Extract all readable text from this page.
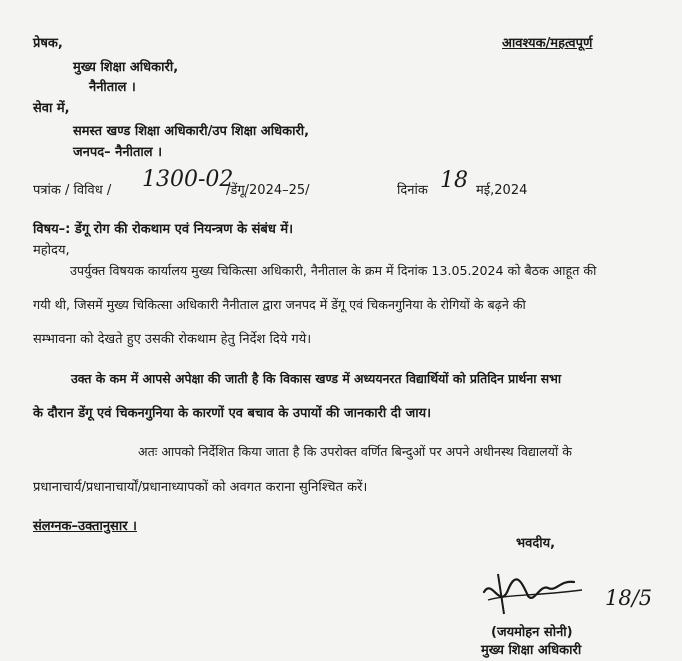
प्रेषक,	आवश्यक/महत्वपूर्ण
मुख्य शिक्षा अधिकारी,
नैनीताल ।
सेवा में,
समस्त खण्ड शिक्षा अधिकारी/उप शिक्षा अधिकारी,
जनपद– नैनीताल ।
पत्रांक / विविध / 1300-02
/डेंगू/2024–25/	दिनांक 18 मई,2024
विषय–: डेंगू रोग की रोकथाम एवं नियन्त्रण के संबंध में।
महोदय,
उपर्युक्त विषयक कार्यालय मुख्य चिकित्सा अधिकारी, नैनीताल के क्रम में दिनांक 13.05.2024 को बैठक आहूत की
गयी थी, जिसमें मुख्य चिकित्सा अधिकारी नैनीताल द्वारा जनपद में डेंगू एवं चिकनगुनिया के रोगियों के बढ़ने की
सम्भावना को देखते हुए उसकी रोकथाम हेतु निर्देश दिये गये।
उक्त के कम में आपसे अपेक्षा की जाती है कि विकास खण्ड में अध्ययनरत विद्यार्थियों को प्रतिदिन प्रार्थना सभा
के दौरान डेंगू एवं चिकनगुनिया के कारणों एव बचाव के उपायों की जानकारी दी जाय।
अतः आपको निर्देशित किया जाता है कि उपरोक्त वर्णित बिन्दुओं पर अपने अधीनस्थ विद्यालयों के
प्रधानाचार्य/प्रधानाचार्यों/प्रधानाध्यापकों को अवगत कराना सुनिश्चित करें।
संलग्नक–उक्तानुसार ।
भवदीय,
18/5
(जयमोहन सोनी)
मुख्य शिक्षा अधिकारी
